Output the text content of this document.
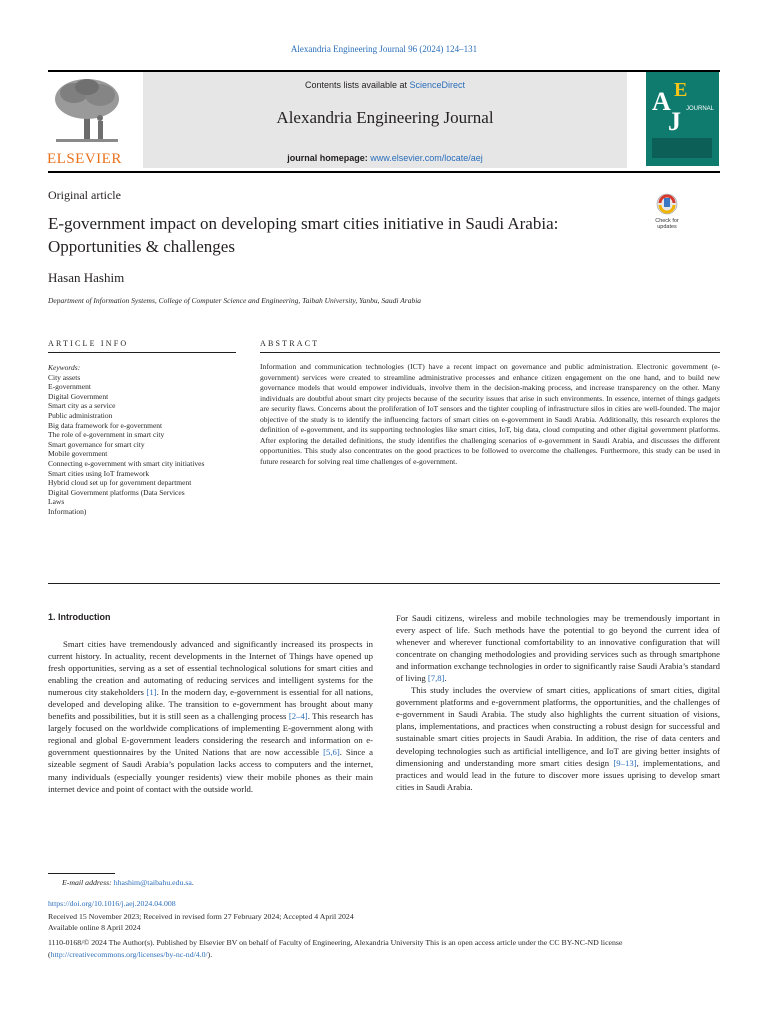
Alexandria Engineering Journal 96 (2024) 124–131
ELSEVIER
Contents lists available at ScienceDirect
Alexandria Engineering Journal
journal homepage: www.elsevier.com/locate/aej
A E
J JOURNAL
Original article
E-government impact on developing smart cities initiative in Saudi Arabia: Opportunities & challenges
Check for
updates
Hasan Hashim
Department of Information Systems, College of Computer Science and Engineering, Taibah University, Yanbu, Saudi Arabia
ARTICLE INFO	ABSTRACT
Keywords:
City assets
E-government
Digital Government
Smart city as a service
Public administration
Big data framework for e-government
The role of e-government in smart city
Smart governance for smart city
Mobile government
Connecting e-government with smart city initiatives
Smart cities using IoT framework
Hybrid cloud set up for government department
Digital Government platforms (Data Services
Laws
Information)
Information and communication technologies (ICT) have a recent impact on governance and public administration. Electronic government (e-government) services were created to streamline administrative processes and enhance citizen engagement on the one hand, and to build new governance models that would empower individuals, involve them in the decision-making process, and increase transparency on the other. Many individuals are doubtful about smart city projects because of the security issues that arise in such environments. In essence, internet of things gadgets are security flaws. Concerns about the proliferation of IoT sensors and the tighter coupling of infrastructure silos in cities are well-founded. The major objective of the study is to identify the influencing factors of smart cities on e-government in Saudi Arabia. Additionally, this research explores the definition of e-government, and its supporting technologies like smart cities, IoT, big data, cloud computing and other digital government platforms. After exploring the detailed definitions, the study identifies the challenging scenarios of e-government in Saudi Arabia, and discusses the different opportunities. This study also concentrates on the good practices to be followed to overcome the challenges. Furthermore, this study can be used in future research for solving real time challenges of e-government.
1. Introduction

Smart cities have tremendously advanced and significantly increased its prospects in current history. In actuality, recent developments in the Internet of Things have opened up fresh opportunities, serving as a set of essential technological solutions for smart cities and enabling the creation and automating of reducing services and intelligent systems for the numerous city stakeholders [1]. In the modern day, e-government is essential for all nations, developed and developing alike. The transition to e-government has brought about many benefits and possibilities, but it is still seen as a challenging process [2–4]. This research has largely focused on the worldwide complications of implementing E-government along with regional and global E-government leaders considering the research and information on e-government questionnaires by the United Nations that are now accessible [5,6]. Since a sizeable segment of Saudi Arabia’s population lacks access to computers and the internet, many individuals (especially younger residents) view their mobile phones as their main internet device and point of contact with the outside world.

For Saudi citizens, wireless and mobile technologies may be tremendously important in every aspect of life. Such methods have the potential to go beyond the current idea of whenever and wherever functional comfortability to an innovative configuration that will concentrate on changing methodologies and providing services such as through smartphone and information exchange technologies in order to significantly raise Saudi Arabia’s standard of living [7,8].

This study includes the overview of smart cities, applications of smart cities, digital government platforms and e-government platforms, the opportunities, and the challenges of e-government in Saudi Arabia. The study also highlights the current situation of visions, plans, implementations, and practices when constructing a robust design for successful and sustainable smart cities projects in Saudi Arabia. In addition, the rise of data centers and developing technologies such as artificial intelligence, and IoT are giving better insights of dimensioning and understanding more smart cities design [9–13], implementations, and practices and would lead in the future to discover more issues uprising to develop smart cities in Saudi Arabia.

E-mail address: hhashim@taibahu.edu.sa.
https://doi.org/10.1016/j.aej.2024.04.008
Received 15 November 2023; Received in revised form 27 February 2024; Accepted 4 April 2024
Available online 8 April 2024
1110-0168/© 2024 The Author(s). Published by Elsevier BV on behalf of Faculty of Engineering, Alexandria University This is an open access article under the CC BY-NC-ND license (http://creativecommons.org/licenses/by-nc-nd/4.0/).
